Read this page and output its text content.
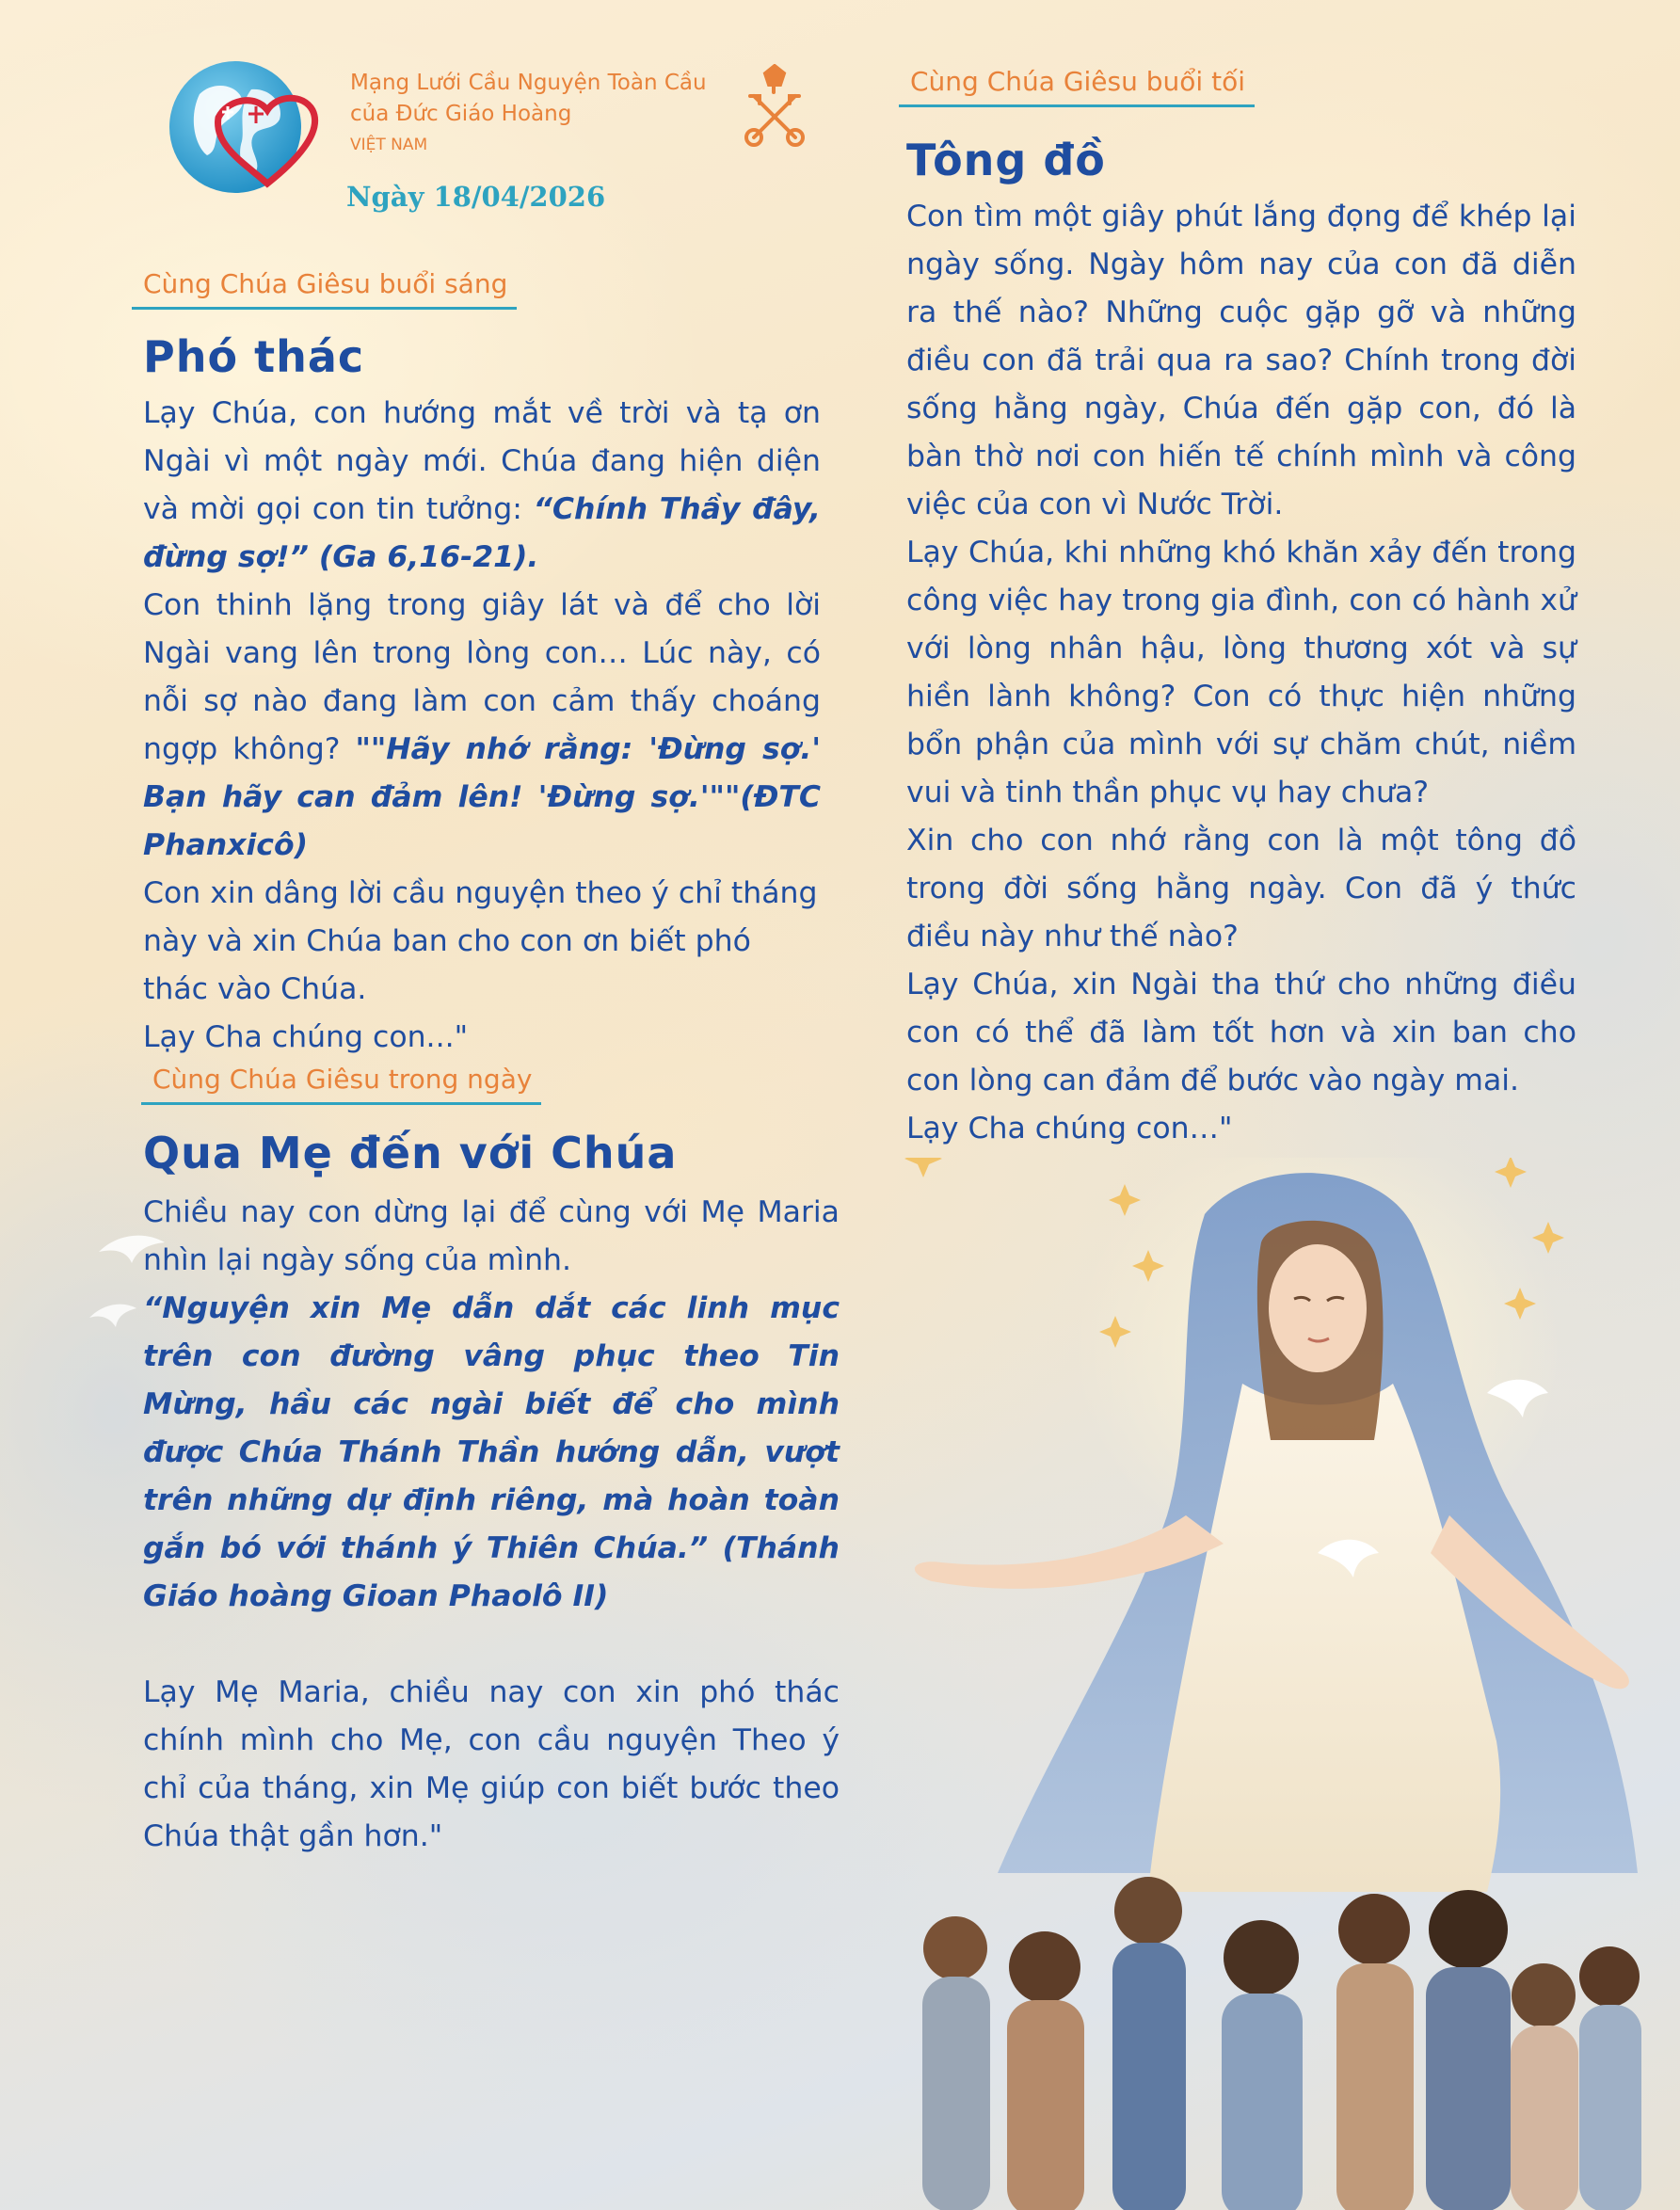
Mạng Lưới Cầu Nguyện Toàn Cầu
của Đức Giáo Hoàng
VIỆT NAM
Ngày 18/04/2026
Cùng Chúa Giêsu buổi sáng
Phó thác

Lạy Chúa, con hướng mắt về trời và tạ ơn Ngài vì một ngày mới. Chúa đang hiện diện và mời gọi con tin tưởng: “Chính Thầy đây, đừng sợ!” (Ga 6,16-21).

Con thinh lặng trong giây lát và để cho lời Ngài vang lên trong lòng con… Lúc này, có nỗi sợ nào đang làm con cảm thấy choáng ngợp không? ""Hãy nhớ rằng: 'Đừng sợ.' Bạn hãy can đảm lên! 'Đừng sợ.'""(ĐTC Phanxicô)

Con xin dâng lời cầu nguyện theo ý chỉ tháng này và xin Chúa ban cho con ơn biết phó thác vào Chúa.

Lạy Cha chúng con..."

Cùng Chúa Giêsu trong ngày
Qua Mẹ đến với Chúa

Chiều nay con dừng lại để cùng với Mẹ Maria nhìn lại ngày sống của mình.

“Nguyện xin Mẹ dẫn dắt các linh mục trên con đường vâng phục theo Tin Mừng, hầu các ngài biết để cho mình được Chúa Thánh Thần hướng dẫn, vượt trên những dự định riêng, mà hoàn toàn gắn bó với thánh ý Thiên Chúa.” (Thánh Giáo hoàng Gioan Phaolô II)

Lạy Mẹ Maria, chiều nay con xin phó thác chính mình cho Mẹ, con cầu nguyện Theo ý chỉ của tháng, xin Mẹ giúp con biết bước theo Chúa thật gần hơn."

Cùng Chúa Giêsu buổi tối
Tông đồ

Con tìm một giây phút lắng đọng để khép lại ngày sống. Ngày hôm nay của con đã diễn ra thế nào? Những cuộc gặp gỡ và những điều con đã trải qua ra sao? Chính trong đời sống hằng ngày, Chúa đến gặp con, đó là bàn thờ nơi con hiến tế chính mình và công việc của con vì Nước Trời.

Lạy Chúa, khi những khó khăn xảy đến trong công việc hay trong gia đình, con có hành xử với lòng nhân hậu, lòng thương xót và sự hiền lành không? Con có thực hiện những bổn phận của mình với sự chăm chút, niềm vui và tinh thần phục vụ hay chưa?

Xin cho con nhớ rằng con là một tông đồ trong đời sống hằng ngày. Con đã ý thức điều này như thế nào?

Lạy Chúa, xin Ngài tha thứ cho những điều con có thể đã làm tốt hơn và xin ban cho con lòng can đảm để bước vào ngày mai.

Lạy Cha chúng con…"
